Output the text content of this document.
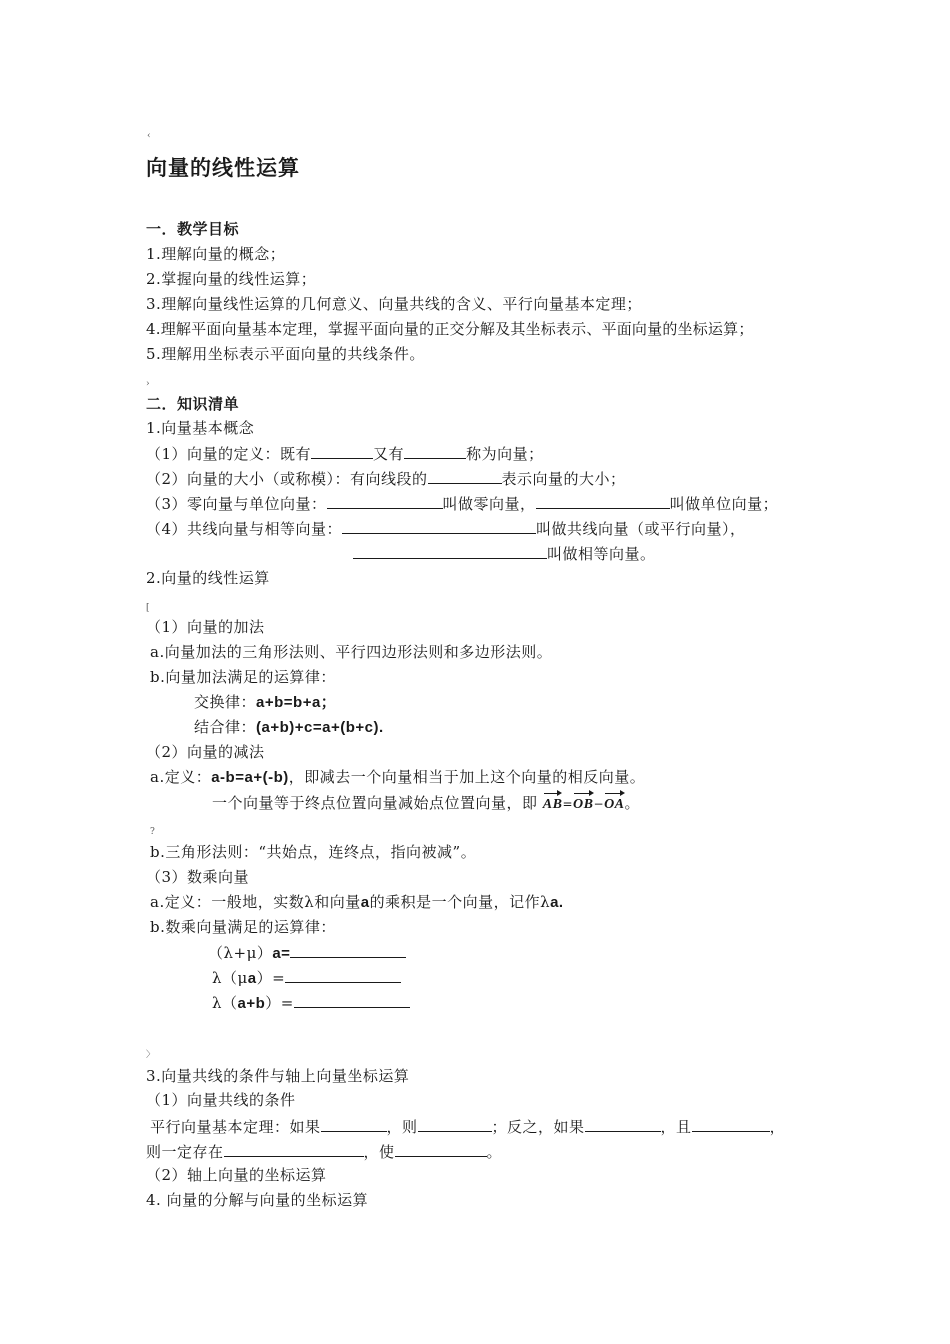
‹
向量的线性运算
一．教学目标
1.理解向量的概念；
2.掌握向量的线性运算；
3.理解向量线性运算的几何意义、向量共线的含义、平行向量基本定理；
4.理解平面向量基本定理，掌握平面向量的正交分解及其坐标表示、平面向量的坐标运算；
5.理解用坐标表示平面向量的共线条件。
›
二．知识清单
1.向量基本概念
（1）向量的定义：既有	又有	称为向量；
（2）向量的大小（或称模）：有向线段的	表示向量的大小；
（3）零向量与单位向量：	叫做零向量，	叫做单位向量；
（4）共线向量与相等向量：	叫做共线向量（或平行向量），
叫做相等向量。
2.向量的线性运算
[
（1）向量的加法
a.向量加法的三角形法则、平行四边形法则和多边形法则。
b.向量加法满足的运算律：
交换律：a+b=b+a；
结合律：(a+b)+c=a+(b+c).
（2）向量的减法
a.定义：a-b=a+(-b)，即减去一个向量相当于加上这个向量的相反向量。
一个向量等于终点位置向量减始点位置向量，即 AB=OB−OA。
?
b.三角形法则：“共始点，连终点，指向被减”。
（3）数乘向量
a.定义：一般地，实数λ和向量a的乘积是一个向量，记作λa.
b.数乘向量满足的运算律：
（λ+μ）a=
λ（μa）=
λ（a+b）=
〉
3.向量共线的条件与轴上向量坐标运算
（1）向量共线的条件
平行向量基本定理：如果	，则	；反之，如果	，且	，
则一定存在	，使	。
（2）轴上向量的坐标运算
4. 向量的分解与向量的坐标运算
